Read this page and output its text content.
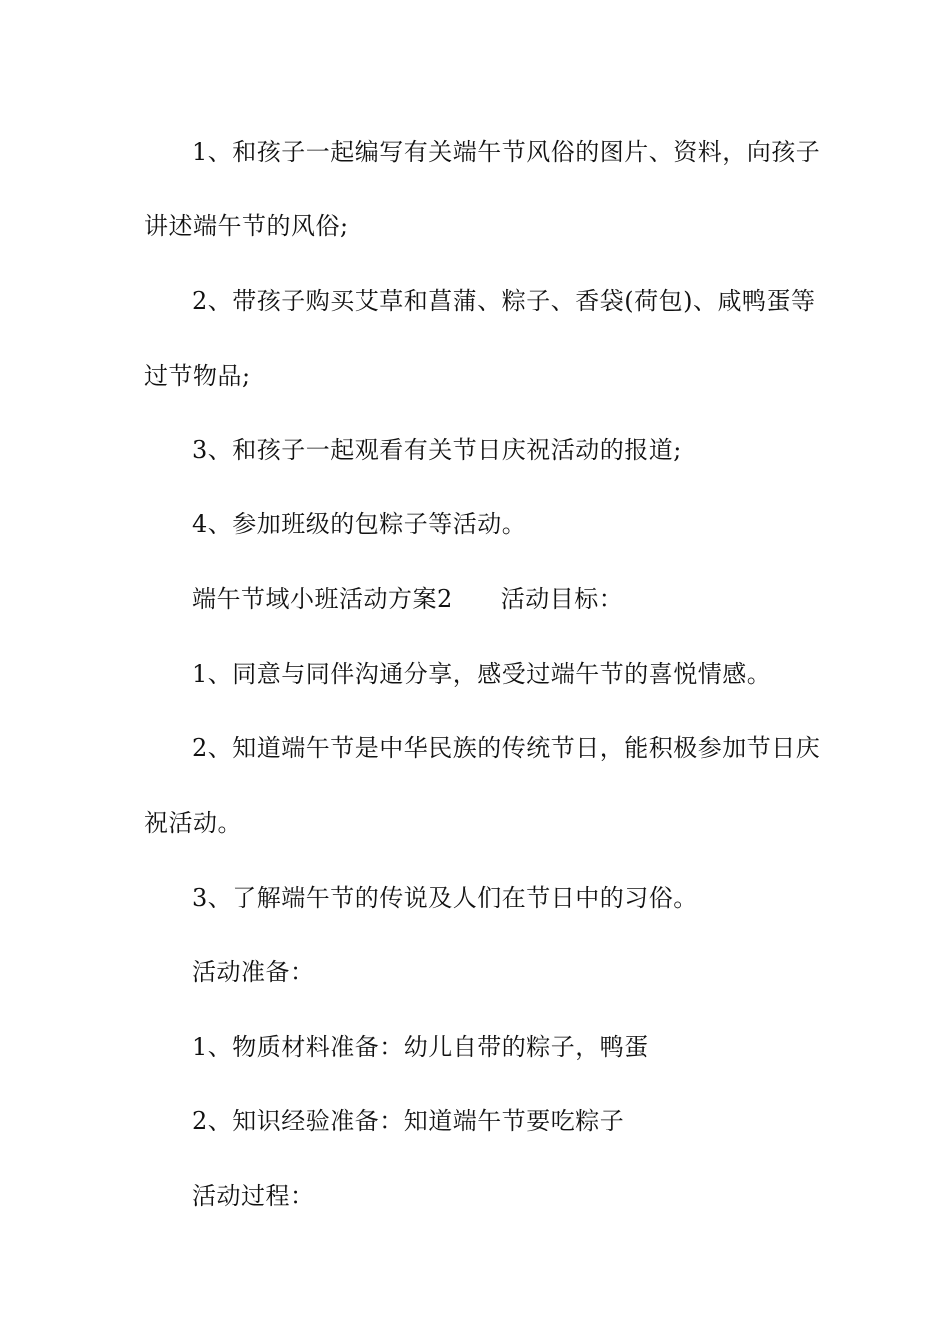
1、和孩子一起编写有关端午节风俗的图片、资料，向孩子
讲述端午节的风俗;
2、带孩子购买艾草和菖蒲、粽子、香袋(荷包)、咸鸭蛋等
过节物品;
3、和孩子一起观看有关节日庆祝活动的报道;
4、参加班级的包粽子等活动。
端午节域小班活动方案2 活动目标：
1、同意与同伴沟通分享，感受过端午节的喜悦情感。
2、知道端午节是中华民族的传统节日，能积极参加节日庆
祝活动。
3、了解端午节的传说及人们在节日中的习俗。
活动准备：
1、物质材料准备：幼儿自带的粽子，鸭蛋
2、知识经验准备：知道端午节要吃粽子
活动过程：
